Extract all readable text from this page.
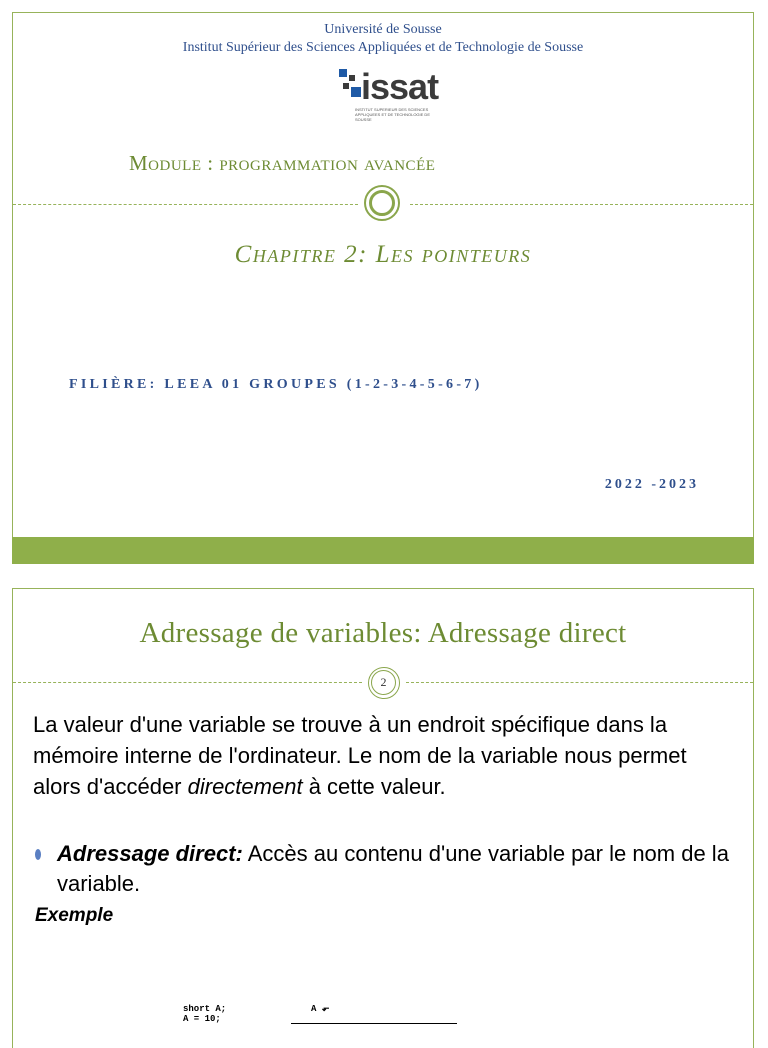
Université de Sousse
Institut Supérieur des Sciences Appliquées et de Technologie de Sousse
issat
INSTITUT SUPERIEUR DES SCIENCES APPLIQUEES ET DE TECHNOLOGIE DE SOUSSE
Module : programmation avancée
Chapitre 2: Les pointeurs
FILIÈRE: LEEA 01 GROUPES (1-2-3-4-5-6-7)
2022 -2023
Adressage de variables: Adressage direct
2
La valeur d'une variable se trouve à un endroit spécifique dans la mémoire interne de l'ordinateur. Le nom de la variable nous permet alors d'accéder directement à cette valeur.
Adressage direct: Accès au contenu d'une variable par le nom de la variable.
Exemple
short A;
A = 10;
A ⬐
